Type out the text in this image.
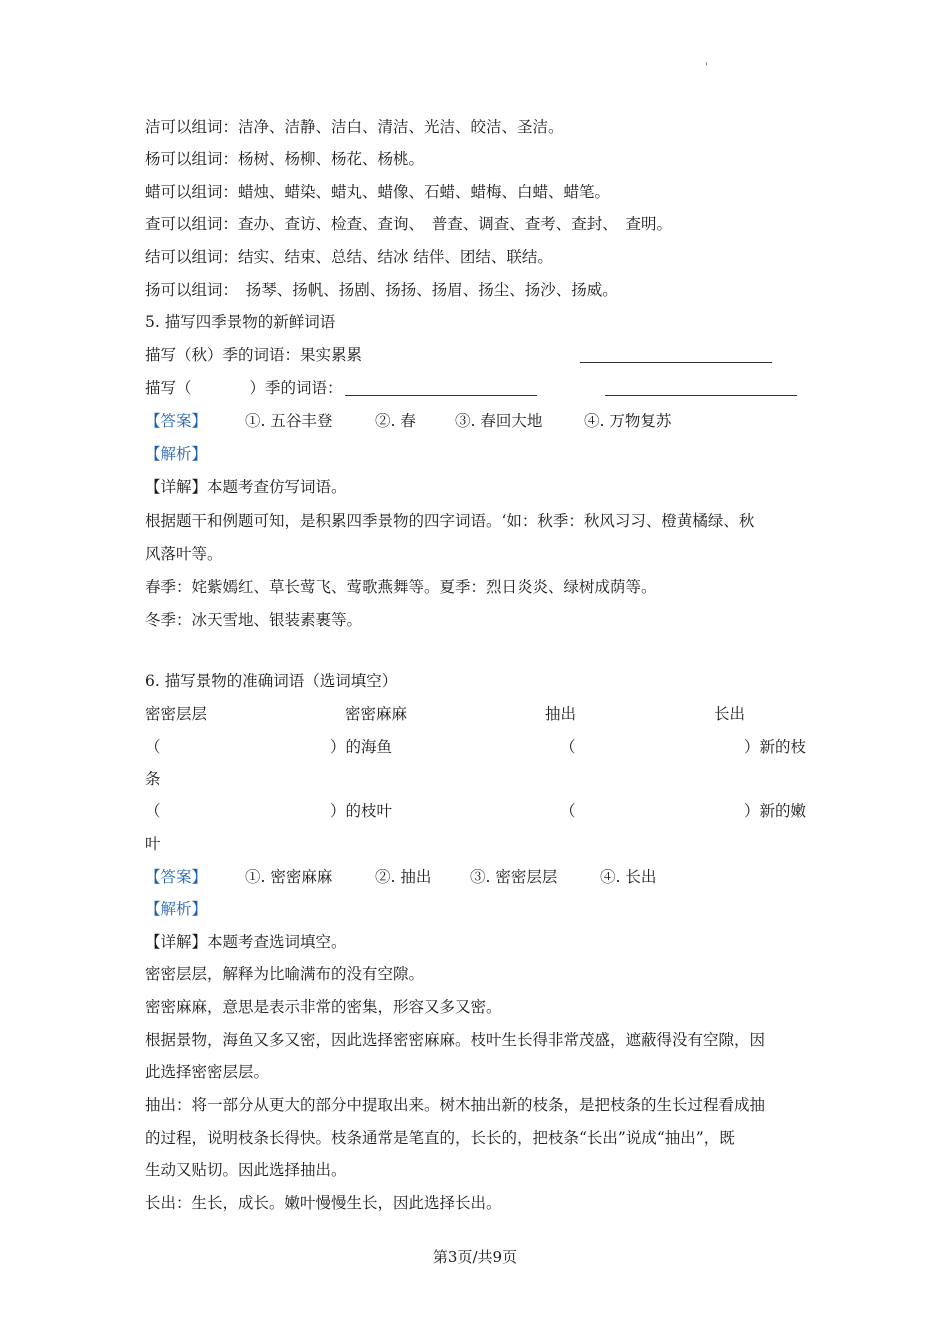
'
洁可以组词：洁净、洁静、洁白、清洁、光洁、皎洁、圣洁。
杨可以组词：杨树、杨柳、杨花、杨桃。
蜡可以组词：蜡烛、蜡染、蜡丸、蜡像、石蜡、蜡梅、白蜡、蜡笔。
查可以组词：查办、查访、检查、查询、　普查、调查、查考、查封、　查明。
结可以组词：结实、结束、总结、结冰 结伴、团结、联结。
扬可以组词：　扬琴、扬帆、扬剧、扬扬、扬眉、扬尘、扬沙、扬威。
5. 描写四季景物的新鲜词语
描写（秋）季的词语：果实累累
描写（	）季的词语：
【答案】 ①. 五谷丰登	②. 春	③. 春回大地	④. 万物复苏
【解析】
【详解】本题考查仿写词语。
根据题干和例题可知，是积累四季景物的四字词语。‘如：秋季：秋风习习、橙黄橘绿、秋
风落叶等。
春季：姹紫嫣红、草长莺飞、莺歌燕舞等。夏季：烈日炎炎、绿树成荫等。
冬季：冰天雪地、银装素裹等。
6. 描写景物的准确词语（选词填空）
密密层层	密密麻麻	抽出	长出
（	）的海鱼	（	）新的枝
条
（	）的枝叶	（	）新的嫩
叶
【答案】 ①. 密密麻麻	②. 抽出 ③. 密密层层	④. 长出
【解析】
【详解】本题考查选词填空。
密密层层，解释为比喻满布的没有空隙。
密密麻麻，意思是表示非常的密集，形容又多又密。
根据景物，海鱼又多又密，因此选择密密麻麻。枝叶生长得非常茂盛，遮蔽得没有空隙，因
此选择密密层层。
抽出：将一部分从更大的部分中提取出来。树木抽出新的枝条，是把枝条的生长过程看成抽
的过程，说明枝条长得快。枝条通常是笔直的，长长的，把枝条“长出”说成“抽出”，既
生动又贴切。因此选择抽出。
长出：生长，成长。嫩叶慢慢生长，因此选择长出。
第3页/共9页
